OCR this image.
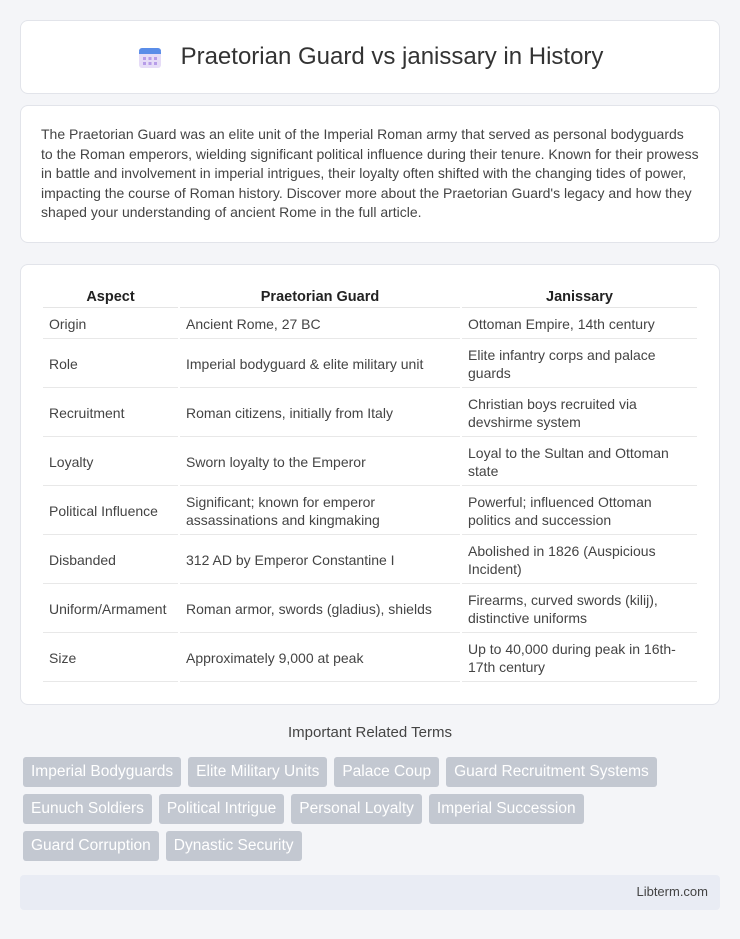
Praetorian Guard vs janissary in History

The Praetorian Guard was an elite unit of the Imperial Roman army that served as personal bodyguards to the Roman emperors, wielding significant political influence during their tenure. Known for their prowess in battle and involvement in imperial intrigues, their loyalty often shifted with the changing tides of power, impacting the course of Roman history. Discover more about the Praetorian Guard's legacy and how they shaped your understanding of ancient Rome in the full article.

Aspect	Praetorian Guard	Janissary
Origin	Ancient Rome, 27 BC	Ottoman Empire, 14th century
Role	Imperial bodyguard & elite military unit	Elite infantry corps and palace guards
Recruitment	Roman citizens, initially from Italy	Christian boys recruited via devshirme system
Loyalty	Sworn loyalty to the Emperor	Loyal to the Sultan and Ottoman state
Political Influence	Significant; known for emperor assassinations and kingmaking	Powerful; influenced Ottoman politics and succession
Disbanded	312 AD by Emperor Constantine I	Abolished in 1826 (Auspicious Incident)
Uniform/Armament	Roman armor, swords (gladius), shields	Firearms, curved swords (kilij), distinctive uniforms
Size	Approximately 9,000 at peak	Up to 40,000 during peak in 16th-17th century
Important Related Terms
Imperial Bodyguards	Elite Military Units	Palace Coup	Guard Recruitment Systems
Eunuch Soldiers	Political Intrigue	Personal Loyalty	Imperial Succession
Guard Corruption	Dynastic Security
Libterm.com
